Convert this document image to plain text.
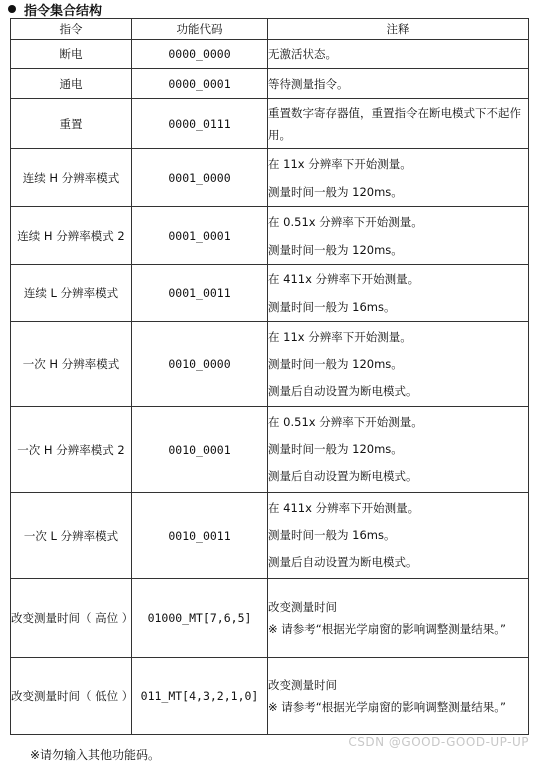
指令集合结构
指令	功能代码	注释
断电	0000_0000	无激活状态。

通电	0000_0001	等待测量指令。

重置	0000_0111	重置数字寄存器值，重置指令在断电模式下不起作用。

连续 H 分辨率模式	0001_0000	在 11x 分辨率下开始测量。
测量时间一般为 120ms。

连续 H 分辨率模式 2	0001_0001	在 0.51x 分辨率下开始测量。
测量时间一般为 120ms。

连续 L 分辨率模式	0001_0011	在 411x 分辨率下开始测量。
测量时间一般为 16ms。

一次 H 分辨率模式	0010_0000	在 11x 分辨率下开始测量。
测量时间一般为 120ms。
测量后自动设置为断电模式。

一次 H 分辨率模式 2	0010_0001	在 0.51x 分辨率下开始测量。
测量时间一般为 120ms。
测量后自动设置为断电模式。

一次 L 分辨率模式	0010_0011	在 411x 分辨率下开始测量。
测量时间一般为 16ms。
测量后自动设置为断电模式。

改变测量时间（ 高位 ）	01000_MT[7,6,5]	改变测量时间
※ 请参考“根据光学扇窗的影响调整测量结果。”

改变测量时间（ 低位 ）	011_MT[4,3,2,1,0]	改变测量时间
※ 请参考“根据光学扇窗的影响调整测量结果。”
※请勿输入其他功能码。
CSDN @GOOD-GOOD-UP-UP
